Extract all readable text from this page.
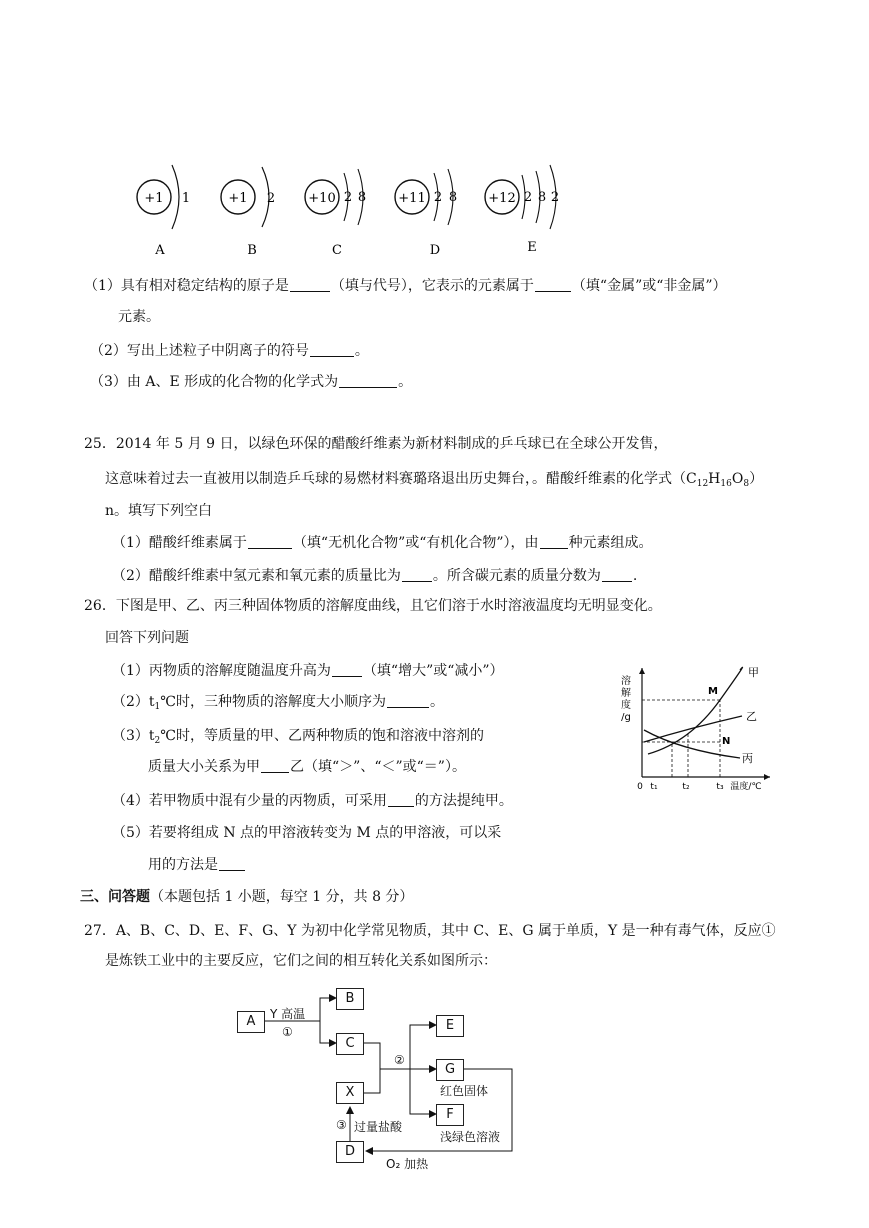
+1 1
A
+1 2
B
+10 2 8
C
+11 2 8
D
+12 2 8 2
E
（1）具有相对稳定结构的原子是	（填与代号），它表示的元素属于	（填“金属”或“非金属”）
元素。
（2）写出上述粒子中阴离子的符号	。
（3）由 A、E 形成的化合物的化学式为	。
25．2014 年 5 月 9 日，以绿色环保的醋酸纤维素为新材料制成的乒乓球已在全球公开发售，
这意味着过去一直被用以制造乒乓球的易燃材料赛璐珞退出历史舞台，。醋酸纤维素的化学式$(C_{12}H_{16}O_8)$
n。填写下列空白
（1）醋酸纤维素属于	（填“无机化合物”或“有机化合物”），由 种元素组成。
（2）醋酸纤维素中氢元素和氧元素的质量比为 。所含碳元素的质量分数为 .
26．下图是甲、乙、丙三种固体物质的溶解度曲线，且它们溶于水时溶液温度均无明显变化。
回答下列问题
（1）丙物质的溶解度随温度升高为 （填“增大”或“减小”）
$(2)t_1℃$时，三种物质的溶解度大小顺序为	。
$(3)t_2℃$时，等质量的甲、乙两种物质的饱和溶液中溶剂的
质量大小关系为甲 乙（填“＞”、“＜”或“＝”）。
（4）若甲物质中混有少量的丙物质，可采用 的方法提纯甲。
（5）若要将组成 N 点的甲溶液转变为 M 点的甲溶液，可以采
用的方法是
溶解度/g
甲
乙
丙
M
N
0 t₁	t₂	t₃ 温度/℃
三、问答题（本题包括 1 小题，每空 1 分，共 8 分）
27．A、B、C、D、E、F、G、Y 为初中化学常见物质，其中 C、E、G 属于单质，Y 是一种有毒气体，反应①
是炼铁工业中的主要反应，它们之间的相互转化关系如图所示：
A
B
C
X
D
E
G
F
Y 高温
①
②
③ 过量盐酸
红色固体
浅绿色溶液
O₂ 加热
